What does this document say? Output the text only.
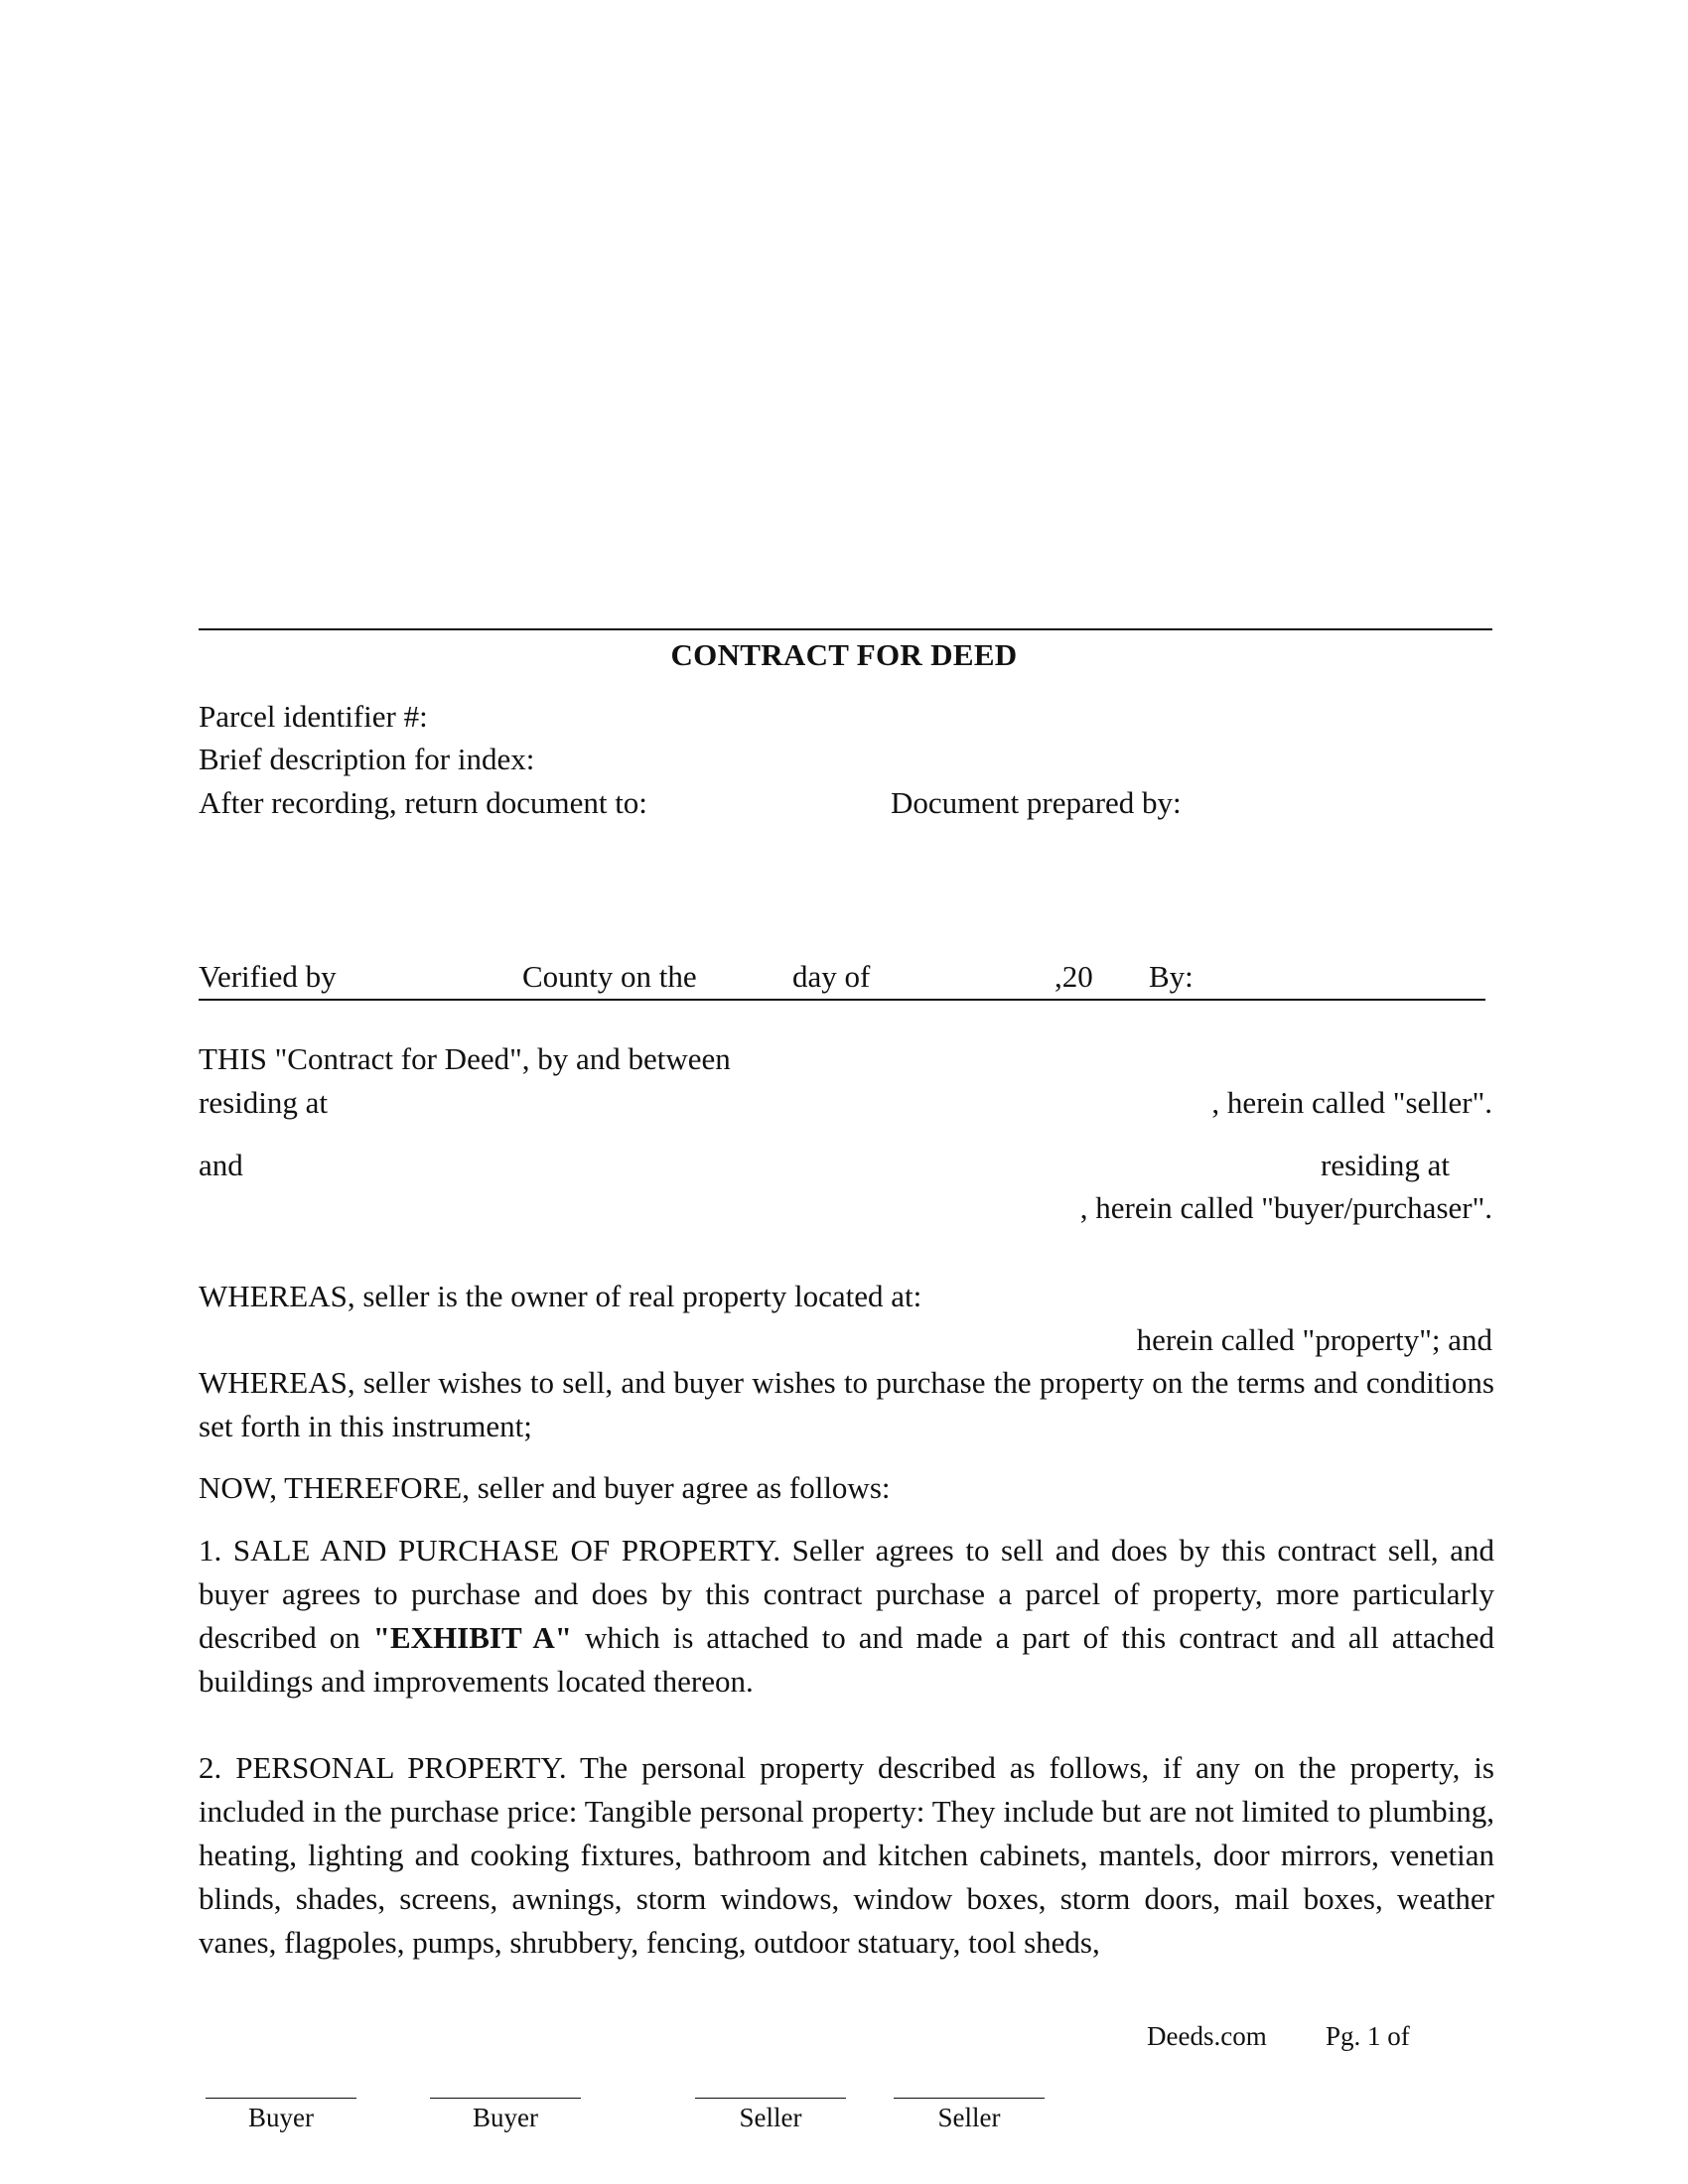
CONTRACT FOR DEED
Parcel identifier #:
Brief description for index:
After recording, return document to:	Document prepared by:
Verified by	County on the	day of	,20 By:
THIS "Contract for Deed", by and between
residing at	, herein called "seller".
and	residing at
, herein called "buyer/purchaser".
WHEREAS, seller is the owner of real property located at:
herein called "property"; and
WHEREAS, seller wishes to sell, and buyer wishes to purchase the property on the terms and conditions set forth in this instrument;
NOW, THEREFORE, seller and buyer agree as follows:
1. SALE AND PURCHASE OF PROPERTY. Seller agrees to sell and does by this contract sell, and buyer agrees to purchase and does by this contract purchase a parcel of property, more particularly described on "EXHIBIT A" which is attached to and made a part of this contract and all attached buildings and improvements located thereon.
2. PERSONAL PROPERTY. The personal property described as follows, if any on the property, is included in the purchase price: Tangible personal property: They include but are not limited to plumbing, heating, lighting and cooking fixtures, bathroom and kitchen cabinets, mantels, door mirrors, venetian blinds, shades, screens, awnings, storm windows, window boxes, storm doors, mail boxes, weather vanes, flagpoles, pumps, shrubbery, fencing, outdoor statuary, tool sheds,
Deeds.com Pg. 1 of
Buyer	Buyer	Seller	Seller
